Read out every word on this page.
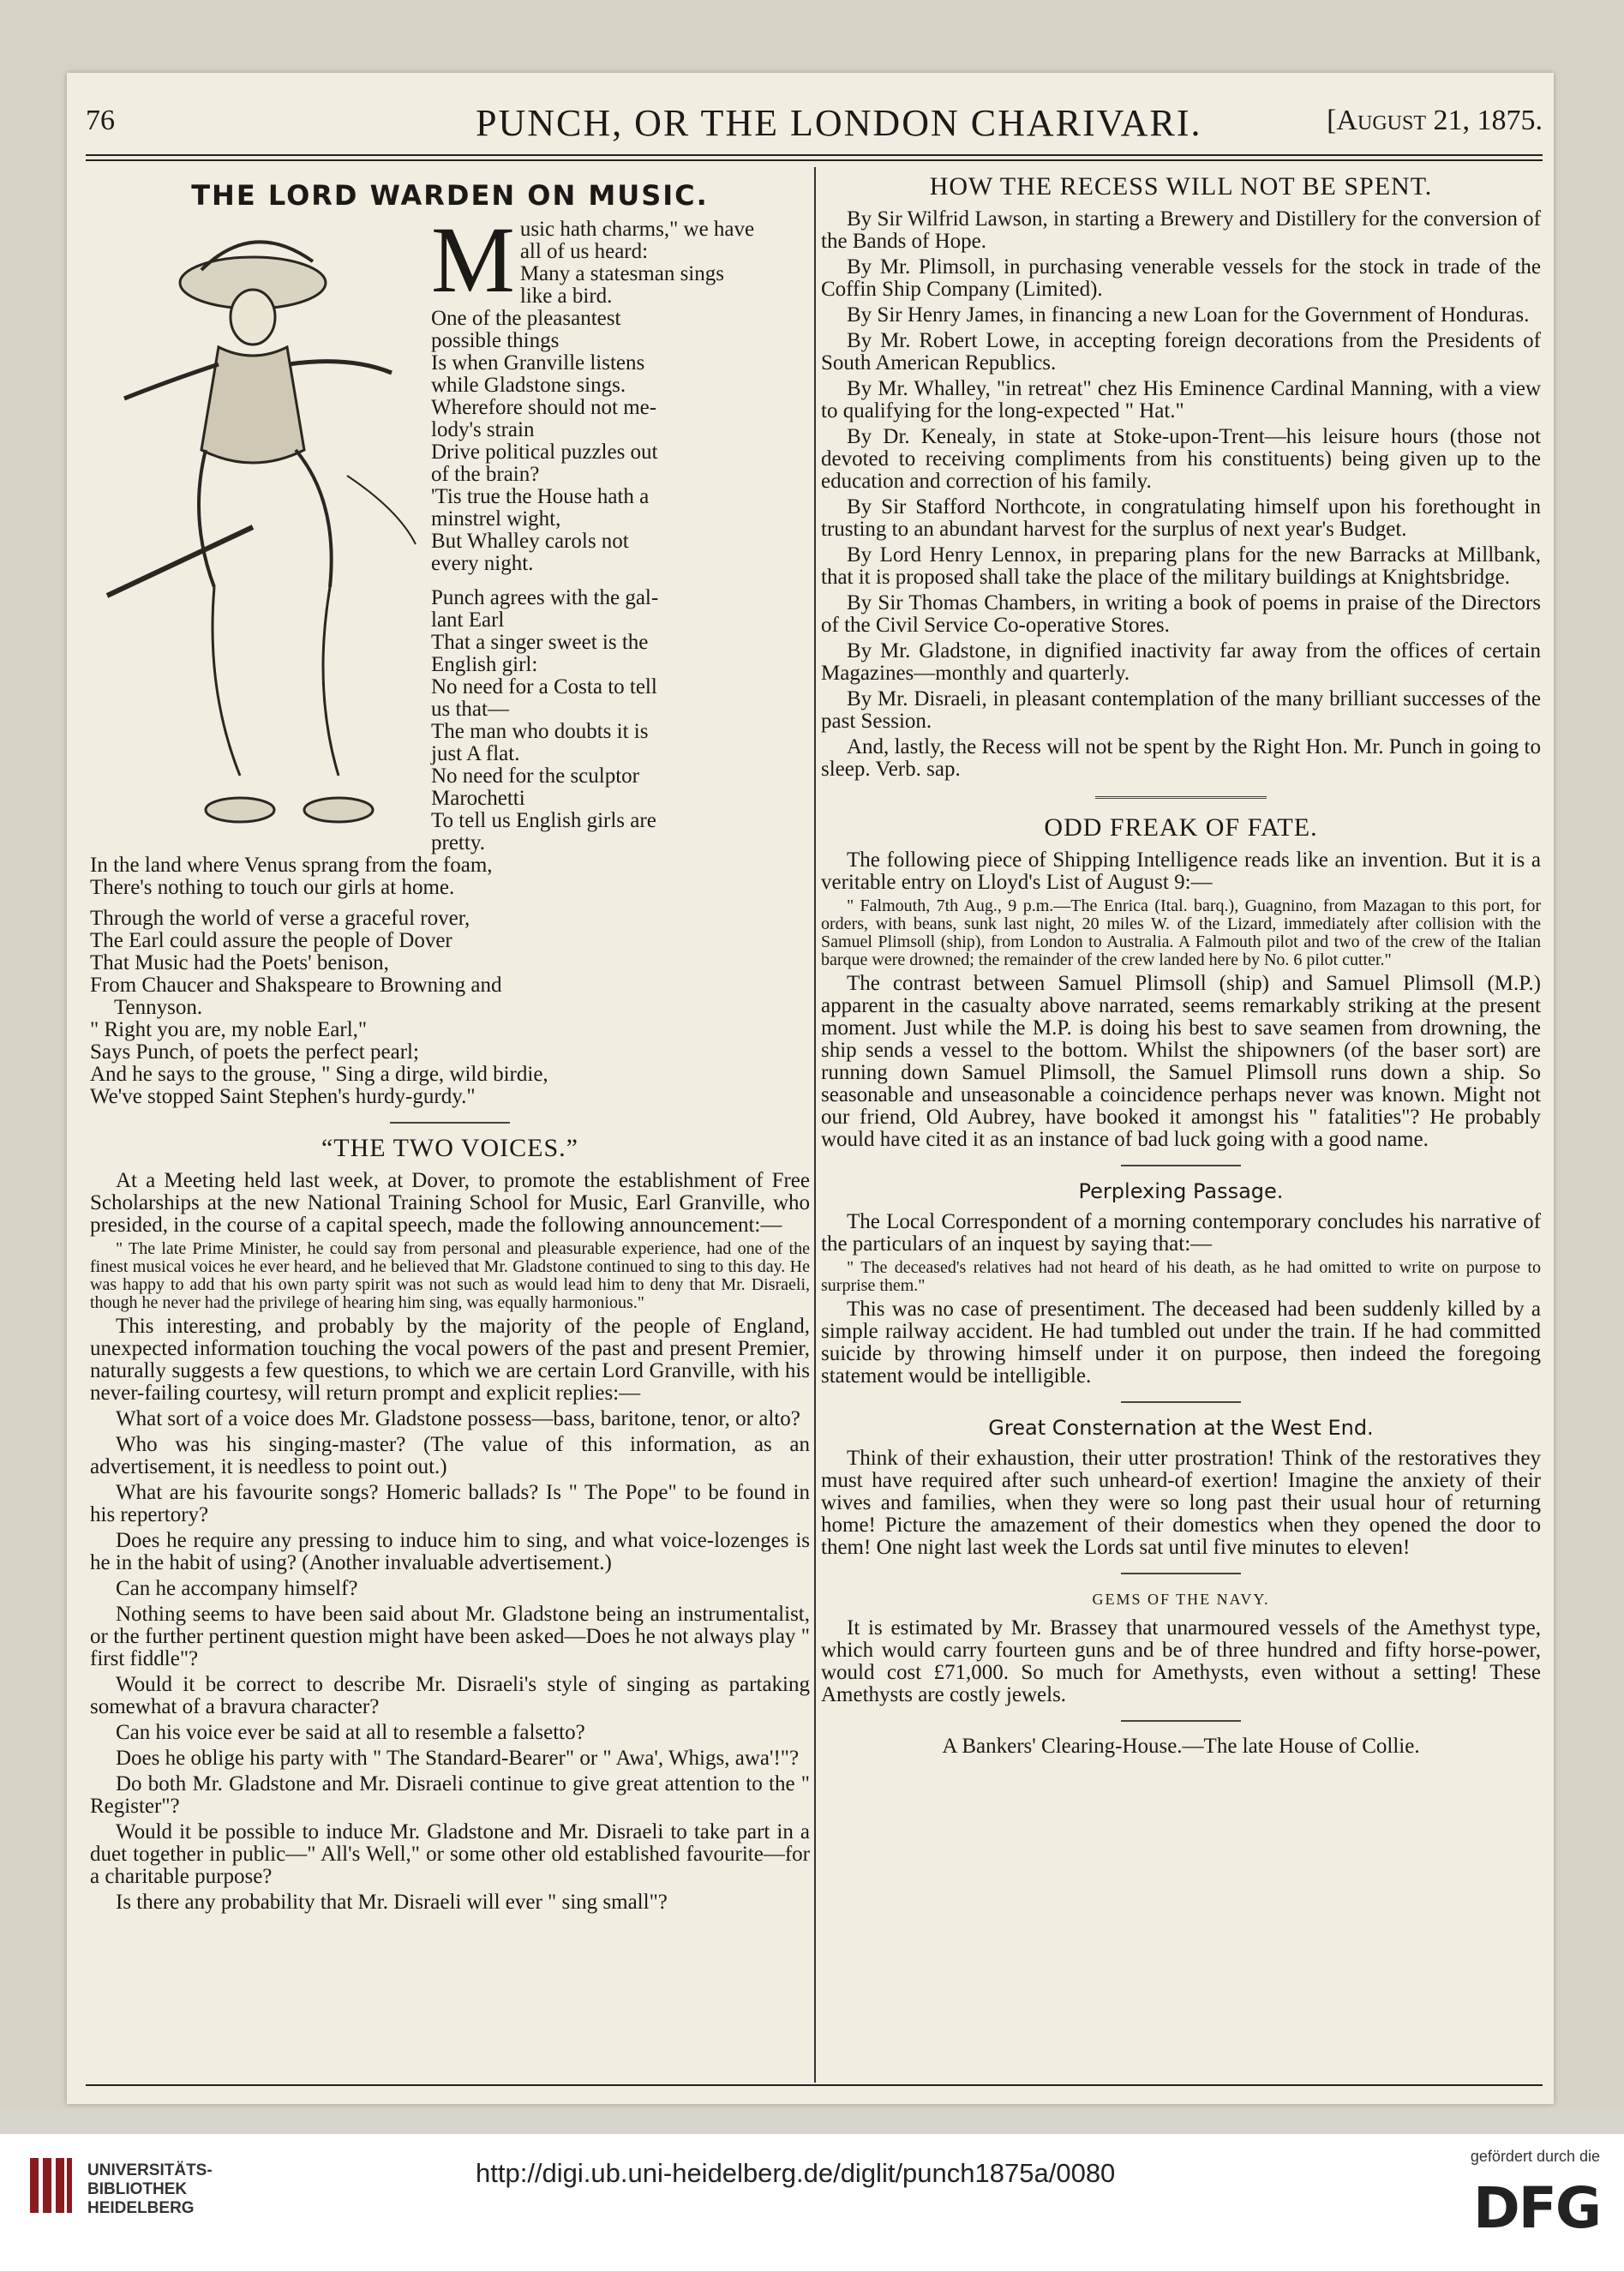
76	PUNCH, OR THE LONDON CHARIVARI.	[August 21, 1875.
THE LORD WARDEN ON MUSIC.
M usic hath charms," we have
all of us heard:
Many a statesman sings
like a bird.
One of the pleasantest
possible things
Is when Granville listens
while Gladstone sings.
Wherefore should not me-
lody's strain
Drive political puzzles out
of the brain?
'Tis true the House hath a
minstrel wight,
But Whalley carols not
every night.
Punch agrees with the gal-
lant Earl
That a singer sweet is the
English girl:
No need for a Costa to tell
us that—
The man who doubts it is
just A flat.
No need for the sculptor
Marochetti
To tell us English girls are
pretty.
In the land where Venus sprang from the foam,
There's nothing to touch our girls at home.
Through the world of verse a graceful rover,
The Earl could assure the people of Dover
That Music had the Poets' benison,
From Chaucer and Shakspeare to Browning and
Tennyson.
" Right you are, my noble Earl,"
Says Punch, of poets the perfect pearl;
And he says to the grouse, " Sing a dirge, wild birdie,
We've stopped Saint Stephen's hurdy-gurdy."
“THE TWO VOICES.”

At a Meeting held last week, at Dover, to promote the establishment of Free Scholarships at the new National Training School for Music, Earl Granville, who presided, in the course of a capital speech, made the following announcement:—

" The late Prime Minister, he could say from personal and pleasurable experience, had one of the finest musical voices he ever heard, and he believed that Mr. Gladstone continued to sing to this day. He was happy to add that his own party spirit was not such as would lead him to deny that Mr. Disraeli, though he never had the privilege of hearing him sing, was equally harmonious."

This interesting, and probably by the majority of the people of England, unexpected information touching the vocal powers of the past and present Premier, naturally suggests a few questions, to which we are certain Lord Granville, with his never-failing courtesy, will return prompt and explicit replies:—

What sort of a voice does Mr. Gladstone possess—bass, baritone, tenor, or alto?

Who was his singing-master? (The value of this information, as an advertisement, it is needless to point out.)

What are his favourite songs? Homeric ballads? Is " The Pope" to be found in his repertory?

Does he require any pressing to induce him to sing, and what voice-lozenges is he in the habit of using? (Another invaluable advertisement.)

Can he accompany himself?

Nothing seems to have been said about Mr. Gladstone being an instrumentalist, or the further pertinent question might have been asked—Does he not always play " first fiddle"?

Would it be correct to describe Mr. Disraeli's style of singing as partaking somewhat of a bravura character?

Can his voice ever be said at all to resemble a falsetto?

Does he oblige his party with " The Standard-Bearer" or " Awa', Whigs, awa'!"?

Do both Mr. Gladstone and Mr. Disraeli continue to give great attention to the " Register"?

Would it be possible to induce Mr. Gladstone and Mr. Disraeli to take part in a duet together in public—" All's Well," or some other old established favourite—for a charitable purpose?

Is there any probability that Mr. Disraeli will ever " sing small"?

HOW THE RECESS WILL NOT BE SPENT.

By Sir Wilfrid Lawson, in starting a Brewery and Distillery for the conversion of the Bands of Hope.

By Mr. Plimsoll, in purchasing venerable vessels for the stock in trade of the Coffin Ship Company (Limited).

By Sir Henry James, in financing a new Loan for the Government of Honduras.

By Mr. Robert Lowe, in accepting foreign decorations from the Presidents of South American Republics.

By Mr. Whalley, "in retreat" chez His Eminence Cardinal Manning, with a view to qualifying for the long-expected " Hat."

By Dr. Kenealy, in state at Stoke-upon-Trent—his leisure hours (those not devoted to receiving compliments from his constituents) being given up to the education and correction of his family.

By Sir Stafford Northcote, in congratulating himself upon his forethought in trusting to an abundant harvest for the surplus of next year's Budget.

By Lord Henry Lennox, in preparing plans for the new Barracks at Millbank, that it is proposed shall take the place of the military buildings at Knightsbridge.

By Sir Thomas Chambers, in writing a book of poems in praise of the Directors of the Civil Service Co-operative Stores.

By Mr. Gladstone, in dignified inactivity far away from the offices of certain Magazines—monthly and quarterly.

By Mr. Disraeli, in pleasant contemplation of the many brilliant successes of the past Session.

And, lastly, the Recess will not be spent by the Right Hon. Mr. Punch in going to sleep. Verb. sap.

ODD FREAK OF FATE.

The following piece of Shipping Intelligence reads like an invention. But it is a veritable entry on Lloyd's List of August 9:—

" Falmouth, 7th Aug., 9 p.m.—The Enrica (Ital. barq.), Guagnino, from Mazagan to this port, for orders, with beans, sunk last night, 20 miles W. of the Lizard, immediately after collision with the Samuel Plimsoll (ship), from London to Australia. A Falmouth pilot and two of the crew of the Italian barque were drowned; the remainder of the crew landed here by No. 6 pilot cutter."

The contrast between Samuel Plimsoll (ship) and Samuel Plimsoll (M.P.) apparent in the casualty above narrated, seems remarkably striking at the present moment. Just while the M.P. is doing his best to save seamen from drowning, the ship sends a vessel to the bottom. Whilst the shipowners (of the baser sort) are running down Samuel Plimsoll, the Samuel Plimsoll runs down a ship. So seasonable and unseasonable a coincidence perhaps never was known. Might not our friend, Old Aubrey, have booked it amongst his " fatalities"? He probably would have cited it as an instance of bad luck going with a good name.

Perplexing Passage.

The Local Correspondent of a morning contemporary concludes his narrative of the particulars of an inquest by saying that:—

" The deceased's relatives had not heard of his death, as he had omitted to write on purpose to surprise them."

This was no case of presentiment. The deceased had been suddenly killed by a simple railway accident. He had tumbled out under the train. If he had committed suicide by throwing himself under it on purpose, then indeed the foregoing statement would be intelligible.

Great Consternation at the West End.

Think of their exhaustion, their utter prostration! Think of the restoratives they must have required after such unheard-of exertion! Imagine the anxiety of their wives and families, when they were so long past their usual hour of returning home! Picture the amazement of their domestics when they opened the door to them! One night last week the Lords sat until five minutes to eleven!

GEMS OF THE NAVY.

It is estimated by Mr. Brassey that unarmoured vessels of the Amethyst type, which would carry fourteen guns and be of three hundred and fifty horse-power, would cost £71,000. So much for Amethysts, even without a setting! These Amethysts are costly jewels.

A Bankers' Clearing-House.—The late House of Collie.

UNIVERSITÄTS-
BIBLIOTHEK
HEIDELBERG
http://digi.ub.uni-heidelberg.de/diglit/punch1875a/0080
gefördert durch die
DFG
